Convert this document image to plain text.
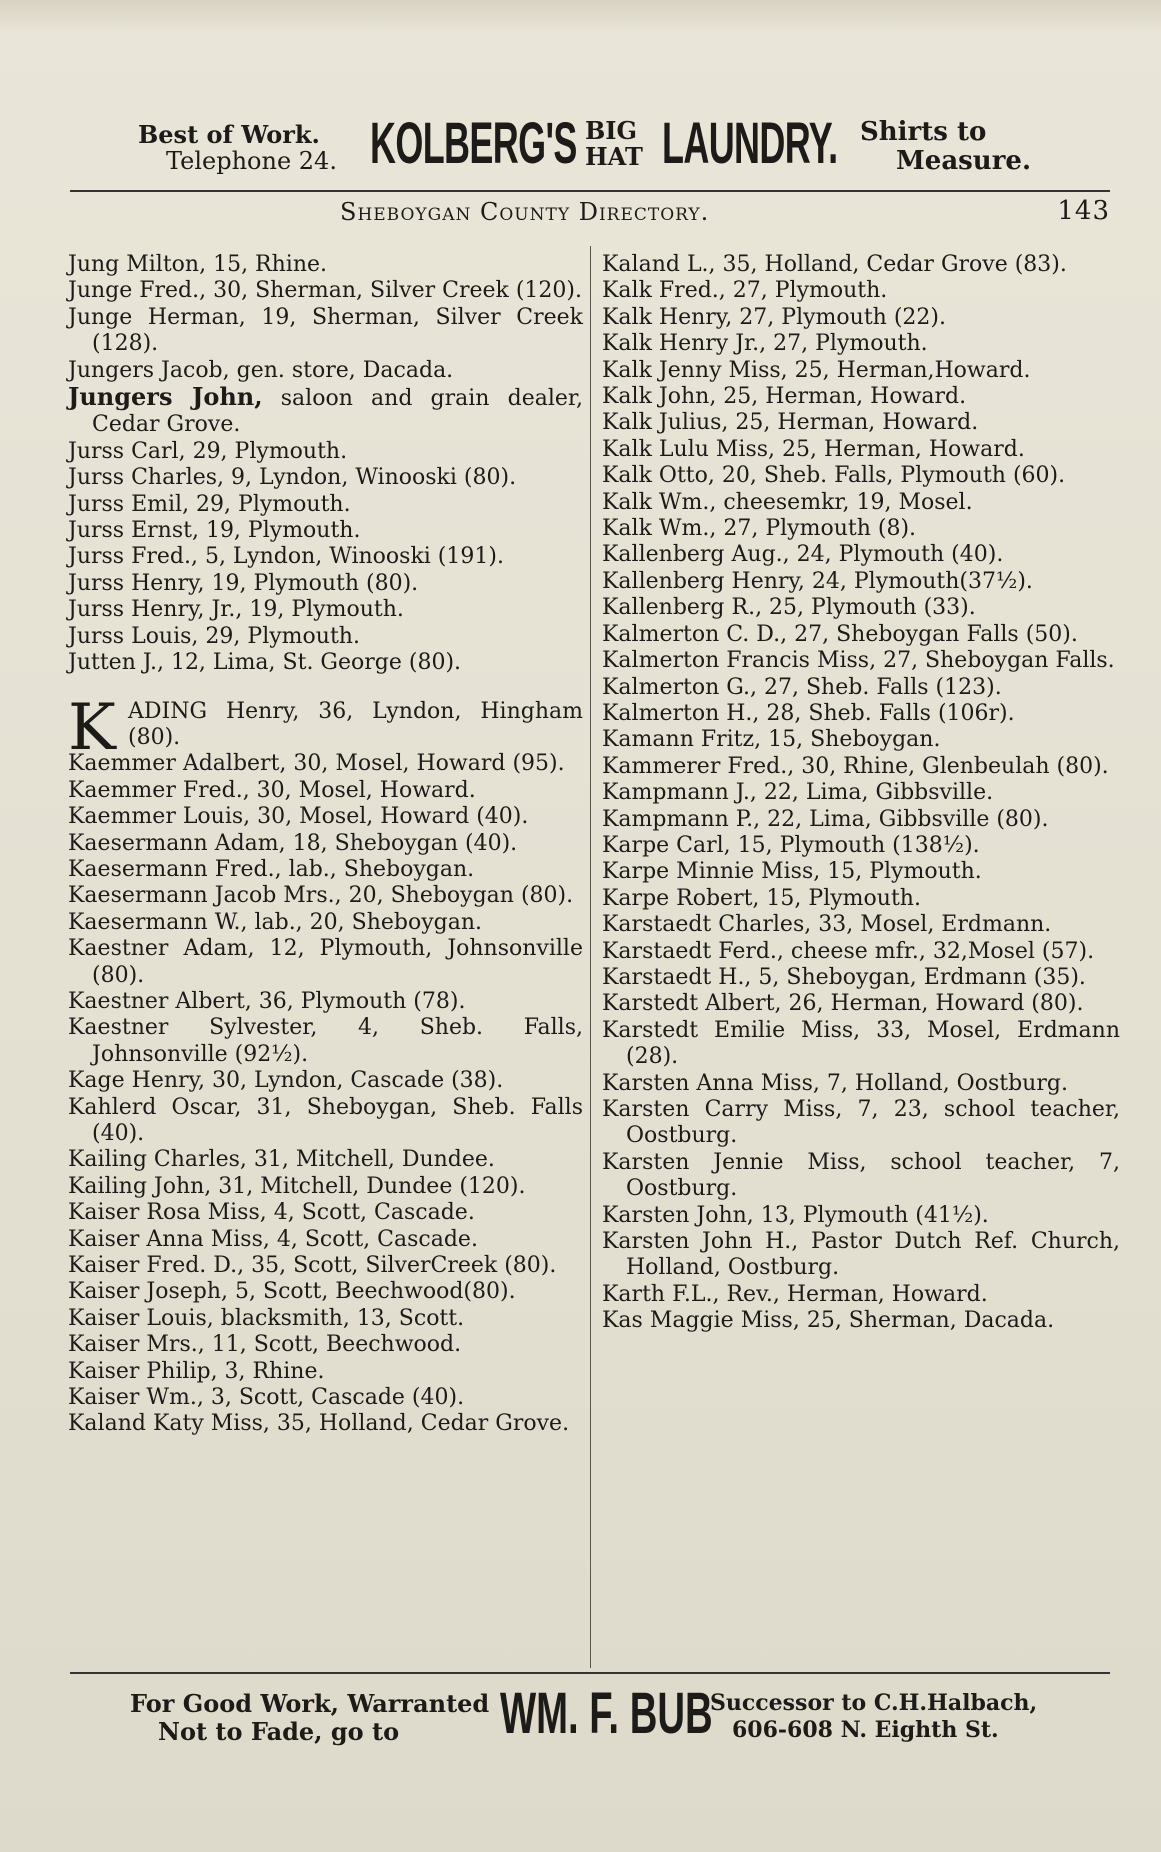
Best of Work.
Telephone 24. KOLBERG'S BIG
HAT LAUNDRY. Shirts to
Measure.
Sheboygan County Directory.	143
Jung Milton, 15, Rhine.
Junge Fred., 30, Sherman, Silver Creek (120).
Junge Herman, 19, Sherman, Silver Creek (128).
Jungers Jacob, gen. store, Dacada.
Jungers John, saloon and grain dealer, Cedar Grove.
Jurss Carl, 29, Plymouth.
Jurss Charles, 9, Lyndon, Winooski (80).
Jurss Emil, 29, Plymouth.
Jurss Ernst, 19, Plymouth.
Jurss Fred., 5, Lyndon, Winooski (191).
Jurss Henry, 19, Plymouth (80).
Jurss Henry, Jr., 19, Plymouth.
Jurss Louis, 29, Plymouth.
Jutten J., 12, Lima, St. George (80).
K ADING Henry, 36, Lyndon, Hingham (80).
Kaemmer Adalbert, 30, Mosel, Howard (95).
Kaemmer Fred., 30, Mosel, Howard.
Kaemmer Louis, 30, Mosel, Howard (40).
Kaesermann Adam, 18, Sheboygan (40).
Kaesermann Fred., lab., Sheboygan.
Kaesermann Jacob Mrs., 20, Sheboygan (80).
Kaesermann W., lab., 20, Sheboygan.
Kaestner Adam, 12, Plymouth, Johnsonville (80).
Kaestner Albert, 36, Plymouth (78).
Kaestner Sylvester, 4, Sheb. Falls, Johnsonville (92½).
Kage Henry, 30, Lyndon, Cascade (38).
Kahlerd Oscar, 31, Sheboygan, Sheb. Falls (40).
Kailing Charles, 31, Mitchell, Dundee.
Kailing John, 31, Mitchell, Dundee (120).
Kaiser Rosa Miss, 4, Scott, Cascade.
Kaiser Anna Miss, 4, Scott, Cascade.
Kaiser Fred. D., 35, Scott, SilverCreek (80).
Kaiser Joseph, 5, Scott, Beechwood(80).
Kaiser Louis, blacksmith, 13, Scott.
Kaiser Mrs., 11, Scott, Beechwood.
Kaiser Philip, 3, Rhine.
Kaiser Wm., 3, Scott, Cascade (40).
Kaland Katy Miss, 35, Holland, Cedar Grove.
Kaland L., 35, Holland, Cedar Grove (83).
Kalk Fred., 27, Plymouth.
Kalk Henry, 27, Plymouth (22).
Kalk Henry Jr., 27, Plymouth.
Kalk Jenny Miss, 25, Herman,Howard.
Kalk John, 25, Herman, Howard.
Kalk Julius, 25, Herman, Howard.
Kalk Lulu Miss, 25, Herman, Howard.
Kalk Otto, 20, Sheb. Falls, Plymouth (60).
Kalk Wm., cheesemkr, 19, Mosel.
Kalk Wm., 27, Plymouth (8).
Kallenberg Aug., 24, Plymouth (40).
Kallenberg Henry, 24, Plymouth(37½).
Kallenberg R., 25, Plymouth (33).
Kalmerton C. D., 27, Sheboygan Falls (50).
Kalmerton Francis Miss, 27, Sheboygan Falls.
Kalmerton G., 27, Sheb. Falls (123).
Kalmerton H., 28, Sheb. Falls (106r).
Kamann Fritz, 15, Sheboygan.
Kammerer Fred., 30, Rhine, Glenbeulah (80).
Kampmann J., 22, Lima, Gibbsville.
Kampmann P., 22, Lima, Gibbsville (80).
Karpe Carl, 15, Plymouth (138½).
Karpe Minnie Miss, 15, Plymouth.
Karpe Robert, 15, Plymouth.
Karstaedt Charles, 33, Mosel, Erdmann.
Karstaedt Ferd., cheese mfr., 32,Mosel (57).
Karstaedt H., 5, Sheboygan, Erdmann (35).
Karstedt Albert, 26, Herman, Howard (80).
Karstedt Emilie Miss, 33, Mosel, Erdmann (28).
Karsten Anna Miss, 7, Holland, Oostburg.
Karsten Carry Miss, 7, 23, school teacher, Oostburg.
Karsten Jennie Miss, school teacher, 7, Oostburg.
Karsten John, 13, Plymouth (41½).
Karsten John H., Pastor Dutch Ref. Church, Holland, Oostburg.
Karth F.L., Rev., Herman, Howard.
Kas Maggie Miss, 25, Sherman, Dacada.
For Good Work, Warranted
Not to Fade, go to	WM. F. BUB
Successor to C.H.Halbach,
606-608 N. Eighth St.
